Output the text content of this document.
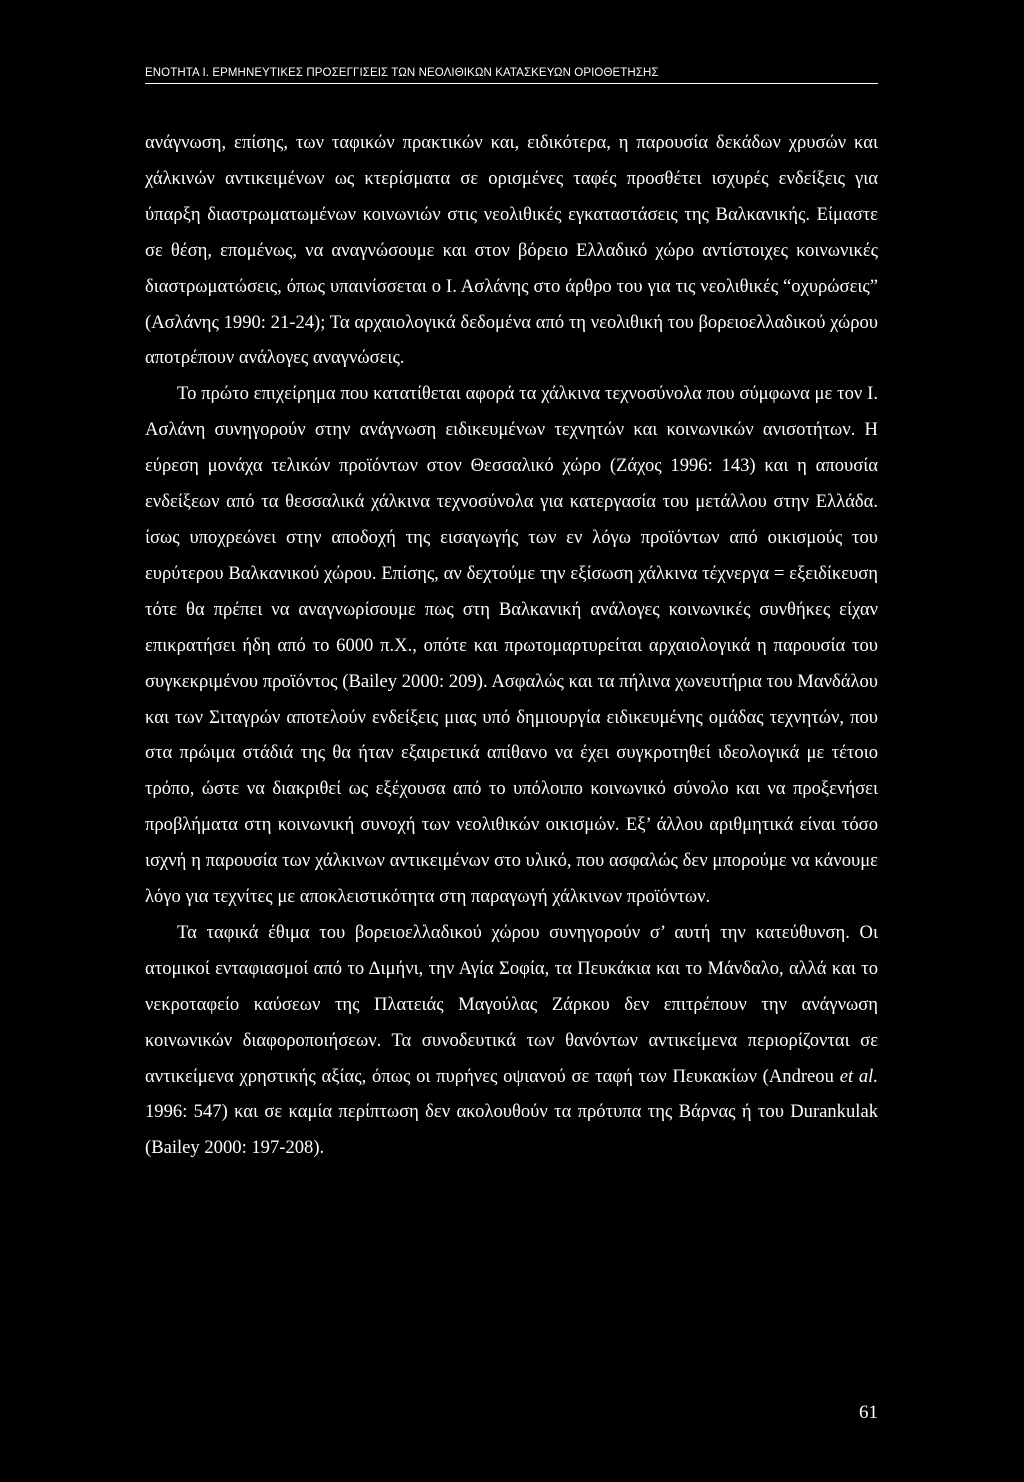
ΕΝΟΤΗΤΑ Ι. ΕΡΜΗΝΕΥΤΙΚΕΣ ΠΡΟΣΕΓΓΙΣΕΙΣ ΤΩΝ ΝΕΟΛΙΘΙΚΩΝ ΚΑΤΑΣΚΕΥΩΝ ΟΡΙΟΘΕΤΗΣΗΣ

ανάγνωση, επίσης, των ταφικών πρακτικών και, ειδικότερα, η παρουσία δεκάδων χρυσών και χάλκινών αντικειμένων ως κτερίσματα σε ορισμένες ταφές προσθέτει ισχυρές ενδείξεις για ύπαρξη διαστρωματωμένων κοινωνιών στις νεολιθικές εγκαταστάσεις της Βαλκανικής. Είμαστε σε θέση, επομένως, να αναγνώσουμε και στον βόρειο Ελλαδικό χώρο αντίστοιχες κοινωνικές διαστρωματώσεις, όπως υπαινίσσεται ο Ι. Ασλάνης στο άρθρο του για τις νεολιθικές “οχυρώσεις” (Ασλάνης 1990: 21-24); Τα αρχαιολογικά δεδομένα από τη νεολιθική του βορειοελλαδικού χώρου αποτρέπουν ανάλογες αναγνώσεις.

Το πρώτο επιχείρημα που κατατίθεται αφορά τα χάλκινα τεχνοσύνολα που σύμφωνα με τον Ι. Ασλάνη συνηγορούν στην ανάγνωση ειδικευμένων τεχνητών και κοινωνικών ανισοτήτων. Η εύρεση μονάχα τελικών προϊόντων στον Θεσσαλικό χώρο (Ζάχος 1996: 143) και η απουσία ενδείξεων από τα θεσσαλικά χάλκινα τεχνοσύνολα για κατεργασία του μετάλλου στην Ελλάδα. ίσως υποχρεώνει στην αποδοχή της εισαγωγής των εν λόγω προϊόντων από οικισμούς του ευρύτερου Βαλκανικού χώρου. Επίσης, αν δεχτούμε την εξίσωση χάλκινα τέχνεργα = εξειδίκευση τότε θα πρέπει να αναγνωρίσουμε πως στη Βαλκανική ανάλογες κοινωνικές συνθήκες είχαν επικρατήσει ήδη από το 6000 π.Χ., οπότε και πρωτομαρτυρείται αρχαιολογικά η παρουσία του συγκεκριμένου προϊόντος (Bailey 2000: 209). Ασφαλώς και τα πήλινα χωνευτήρια του Μανδάλου και των Σιταγρών αποτελούν ενδείξεις μιας υπό δημιουργία ειδικευμένης ομάδας τεχνητών, που στα πρώιμα στάδιά της θα ήταν εξαιρετικά απίθανο να έχει συγκροτηθεί ιδεολογικά με τέτοιο τρόπο, ώστε να διακριθεί ως εξέχουσα από το υπόλοιπο κοινωνικό σύνολο και να προξενήσει προβλήματα στη κοινωνική συνοχή των νεολιθικών οικισμών. Εξ’ άλλου αριθμητικά είναι τόσο ισχνή η παρουσία των χάλκινων αντικειμένων στο υλικό, που ασφαλώς δεν μπορούμε να κάνουμε λόγο για τεχνίτες με αποκλειστικότητα στη παραγωγή χάλκινων προϊόντων.

Τα ταφικά έθιμα του βορειοελλαδικού χώρου συνηγορούν σ’ αυτή την κατεύθυνση. Οι ατομικοί ενταφιασμοί από το Διμήνι, την Αγία Σοφία, τα Πευκάκια και το Μάνδαλο, αλλά και το νεκροταφείο καύσεων της Πλατειάς Μαγούλας Ζάρκου δεν επιτρέπουν την ανάγνωση κοινωνικών διαφοροποιήσεων. Τα συνοδευτικά των θανόντων αντικείμενα περιορίζονται σε αντικείμενα χρηστικής αξίας, όπως οι πυρήνες οψιανού σε ταφή των Πευκακίων (Andreou et al. 1996: 547) και σε καμία περίπτωση δεν ακολουθούν τα πρότυπα της Βάρνας ή του Durankulak (Bailey 2000: 197-208).

61
